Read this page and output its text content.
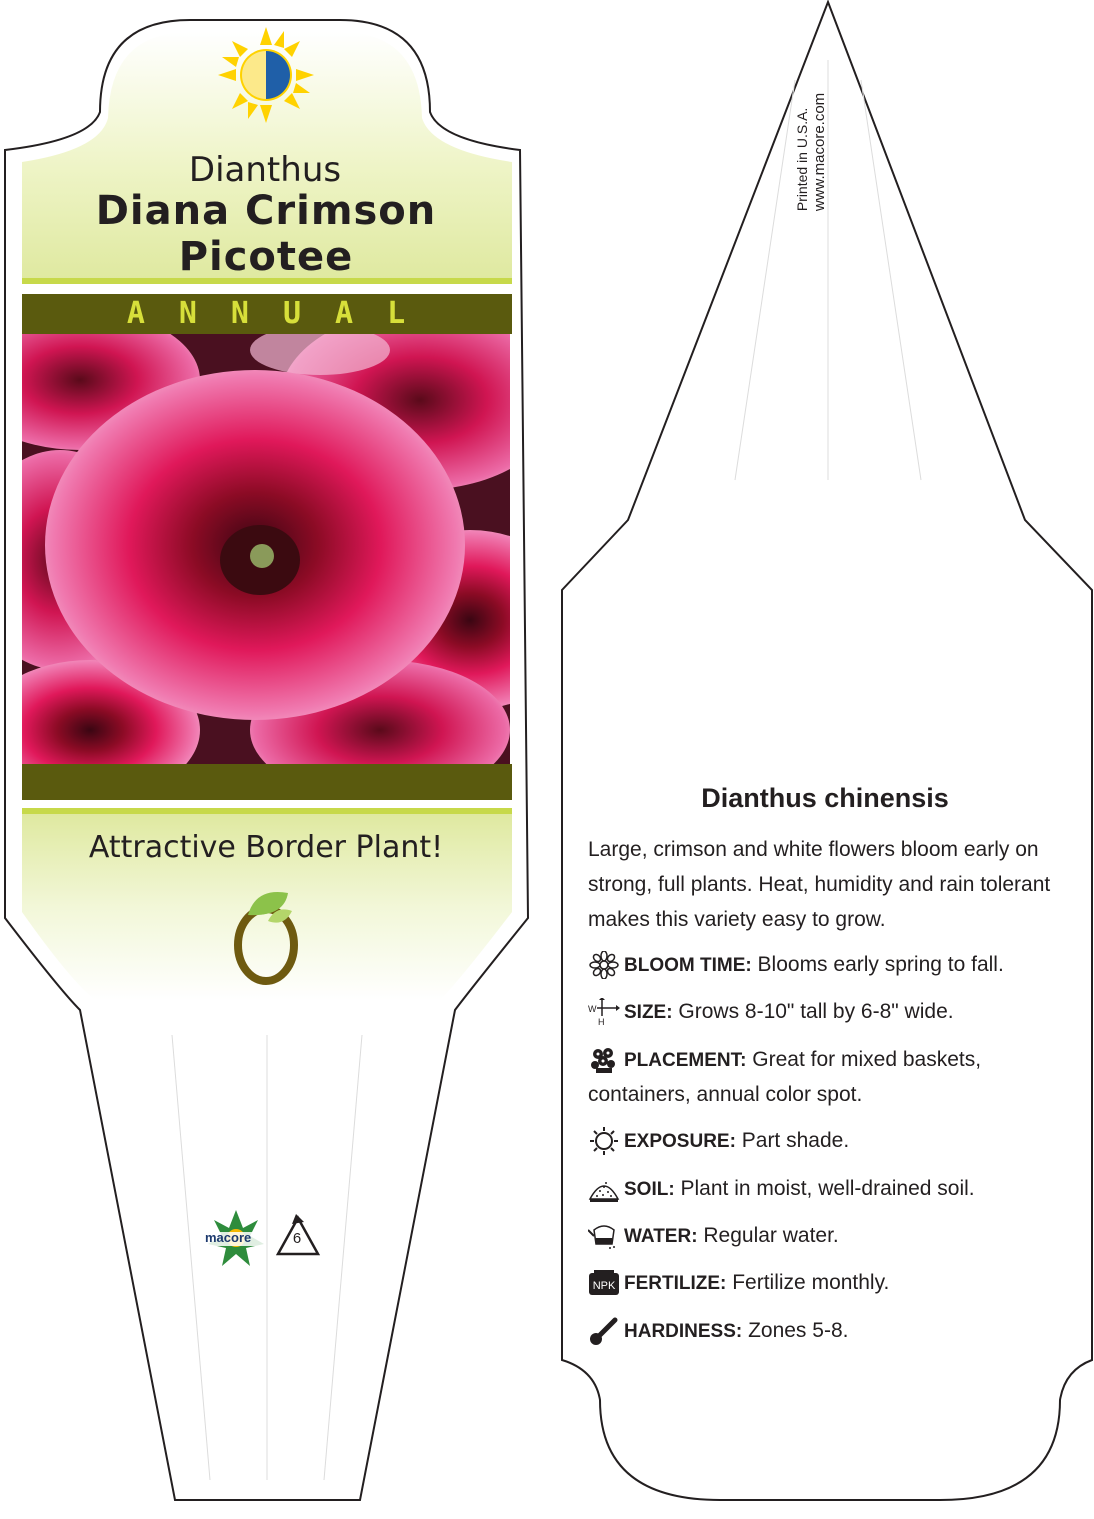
Dianthus
Diana Crimson
Picotee
ANNUAL
Attractive Border Plant!
macore	6
Printed in U.S.A. www.macore.com
Dianthus chinensis
Large, crimson and white flowers bloom early on strong, full plants. Heat, humidity and rain tolerant makes this variety easy to grow.
BLOOM TIME: Blooms early spring to fall.
W
H SIZE: Grows 8-10" tall by 6-8" wide.
PLACEMENT: Great for mixed baskets,
containers, annual color spot.
EXPOSURE: Part shade.
SOIL: Plant in moist, well-drained soil.
WATER: Regular water.
NPK FERTILIZE: Fertilize monthly.
HARDINESS: Zones 5-8.
